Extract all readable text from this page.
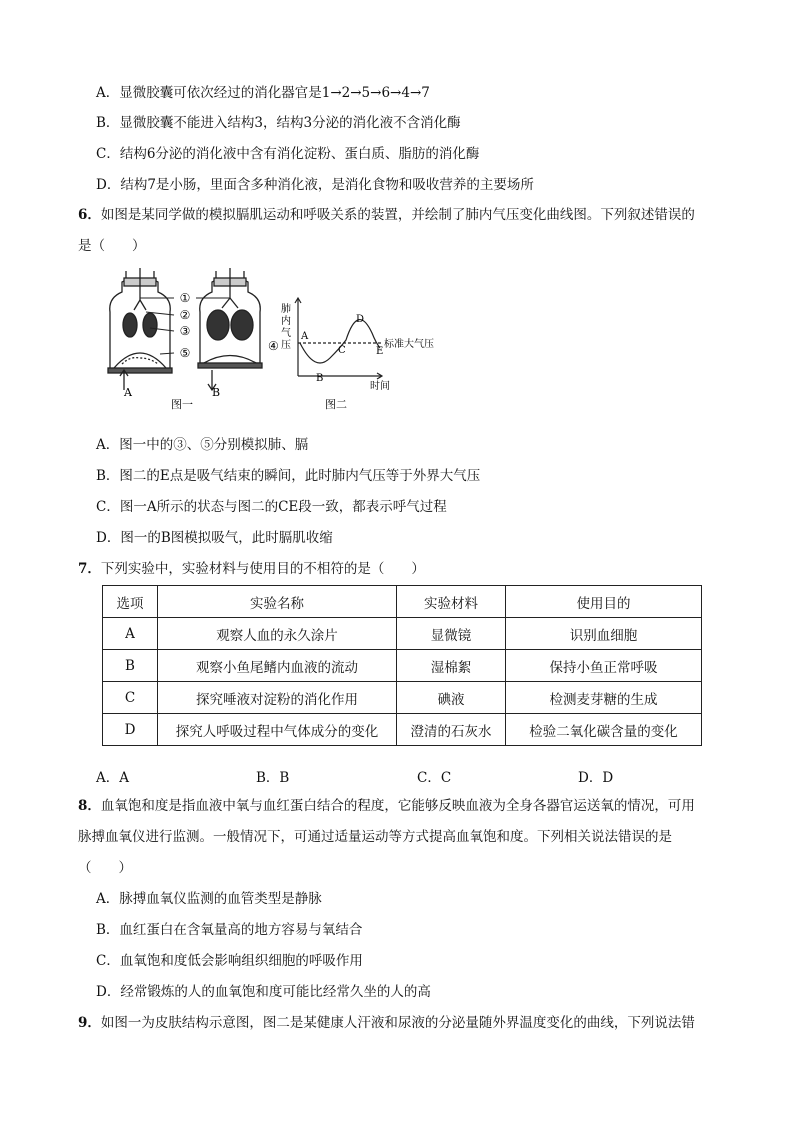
A．显微胶囊可依次经过的消化器官是1→2→5→6→4→7
B．显微胶囊不能进入结构3，结构3分泌的消化液不含消化酶
C．结构6分泌的消化液中含有消化淀粉、蛋白质、脂肪的消化酶
D．结构7是小肠，里面含多种消化液，是消化食物和吸收营养的主要场所
6．如图是某同学做的模拟膈肌运动和呼吸关系的装置，并绘制了肺内气压变化曲线图。下列叙述错误的
是（　　）
①
②
③
⑤	④
A	B
图一
肺
内
气
压
A
B
C
D
E
标准大气压
时间
图二
A．图一中的③、⑤分别模拟肺、膈
B．图二的E点是吸气结束的瞬间，此时肺内气压等于外界大气压
C．图一A所示的状态与图二的CE段一致，都表示呼气过程
D．图一的B图模拟吸气，此时膈肌收缩
7．下列实验中，实验材料与使用目的不相符的是（　　）
选项	实验名称	实验材料	使用目的
A	观察人血的永久涂片	显微镜	识别血细胞
B	观察小鱼尾鳍内血液的流动	湿棉絮	保持小鱼正常呼吸
C	探究唾液对淀粉的消化作用	碘液	检测麦芽糖的生成
D	探究人呼吸过程中气体成分的变化	澄清的石灰水	检验二氧化碳含量的变化
A．A	B．B	C．C	D．D
8．血氧饱和度是指血液中氧与血红蛋白结合的程度，它能够反映血液为全身各器官运送氧的情况，可用
脉搏血氧仪进行监测。一般情况下，可通过适量运动等方式提高血氧饱和度。下列相关说法错误的是
（　　）
A．脉搏血氧仪监测的血管类型是静脉
B．血红蛋白在含氧量高的地方容易与氧结合
C．血氧饱和度低会影响组织细胞的呼吸作用
D．经常锻炼的人的血氧饱和度可能比经常久坐的人的高
9．如图一为皮肤结构示意图，图二是某健康人汗液和尿液的分泌量随外界温度变化的曲线，下列说法错
